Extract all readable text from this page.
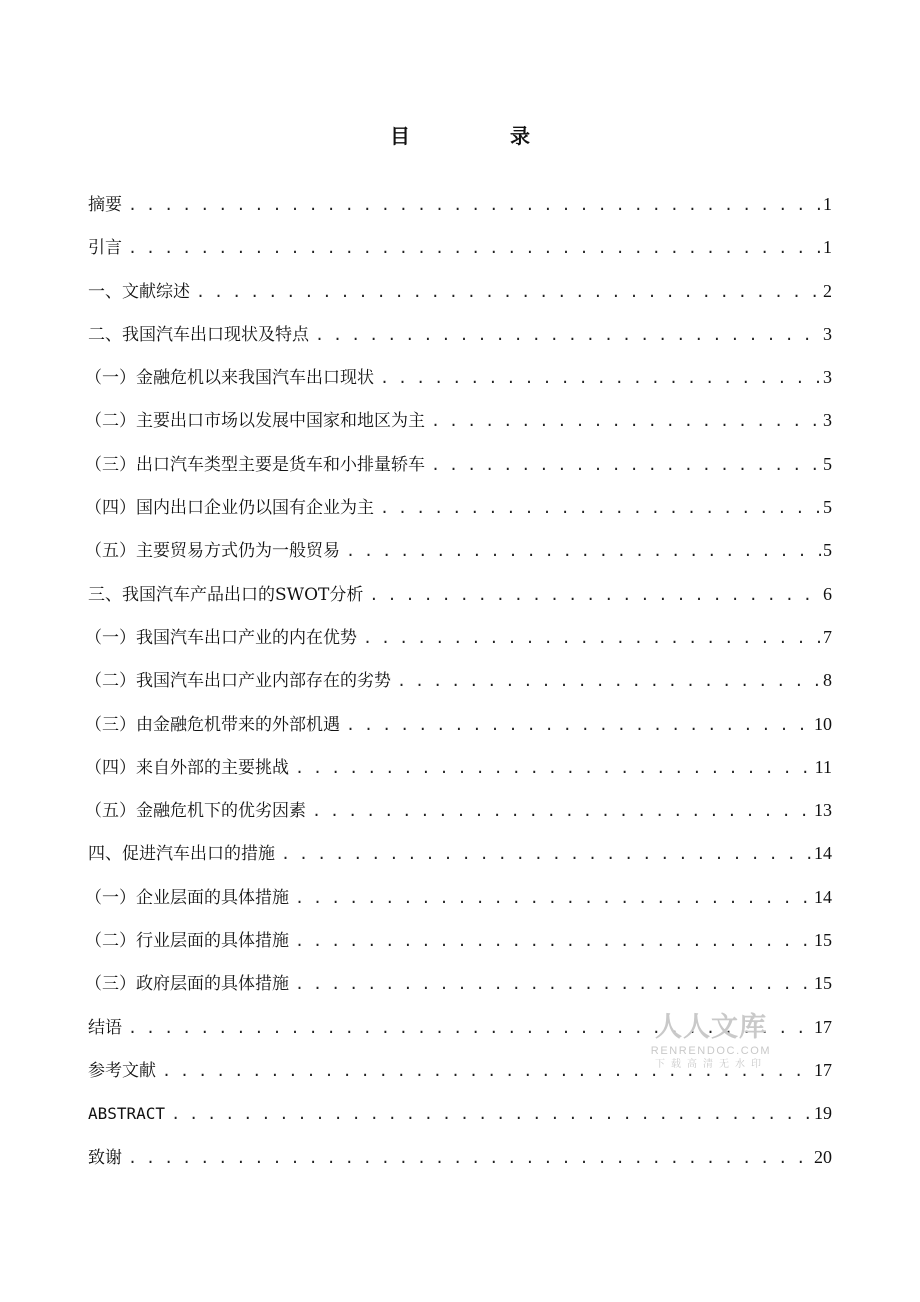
目　录
摘要 . . .	1
引言 . . .	1
一、文献综述 . . .	2
二、我国汽车出口现状及特点 . . .	3
（一）金融危机以来我国汽车出口现状 . . .	3
（二）主要出口市场以发展中国家和地区为主 . . .	3
（三）出口汽车类型主要是货车和小排量轿车 . . .	5
（四）国内出口企业仍以国有企业为主 . . .	5
（五）主要贸易方式仍为一般贸易 . . .	5
三、我国汽车产品出口的SWOT分析 . . .	6
（一）我国汽车出口产业的内在优势 . . .	7
（二）我国汽车出口产业内部存在的劣势 . . .	8
（三）由金融危机带来的外部机遇 . . .	10
（四）来自外部的主要挑战 . . .	11
（五）金融危机下的优劣因素 . . .	13
四、促进汽车出口的措施 . . .	14
（一）企业层面的具体措施 . . .	14
（二）行业层面的具体措施 . . .	15
（三）政府层面的具体措施 . . .	15
结语 . . .	17
参考文献 . . .	17
ABSTRACT . . .	19
致谢 . . .	20
人人文库
RENRENDOC.COM
下载高清无水印
